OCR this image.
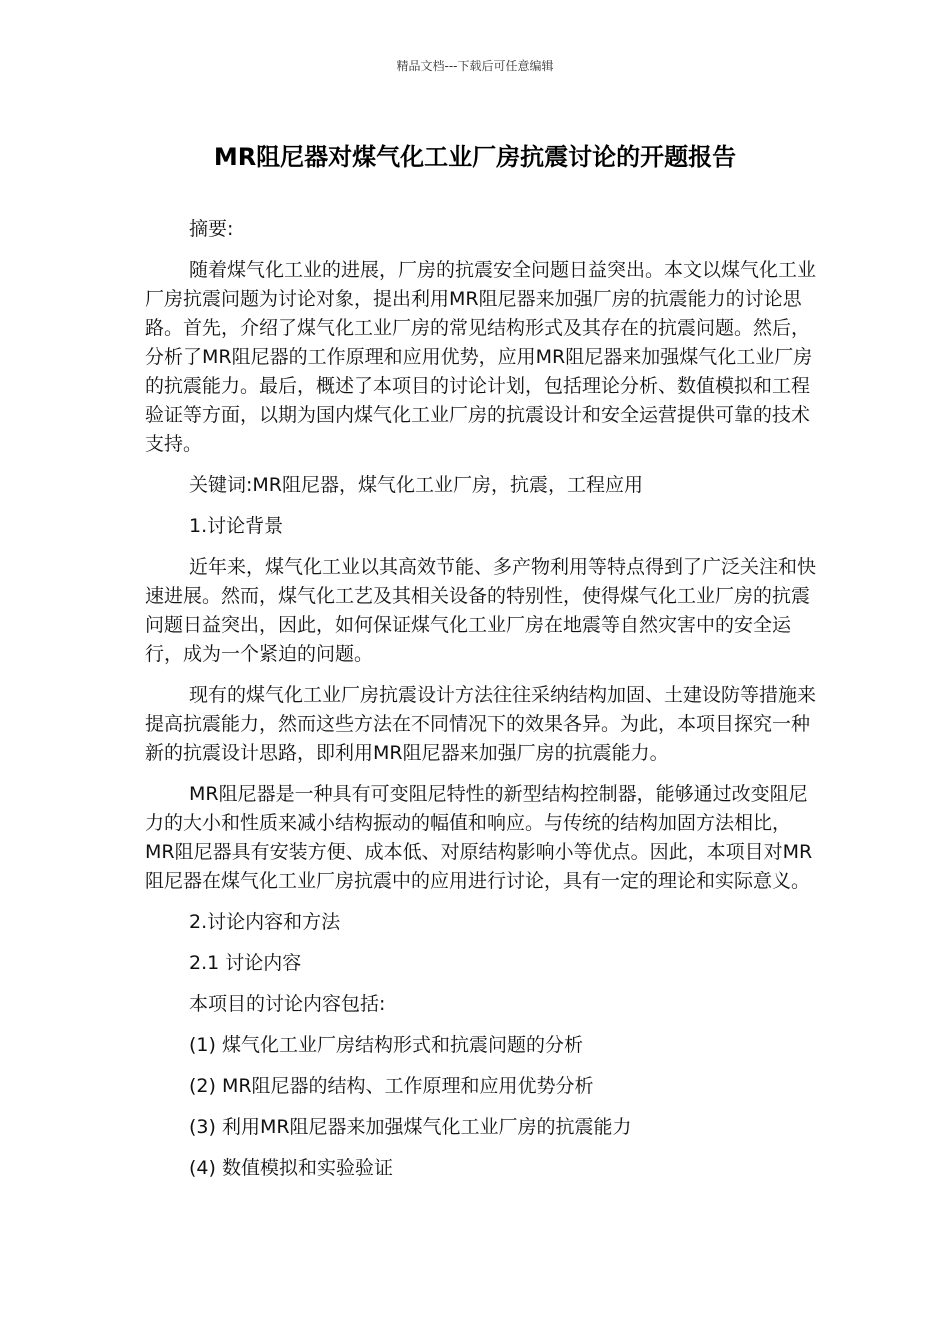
精品文档---下载后可任意编辑
MR阻尼器对煤气化工业厂房抗震讨论的开题报告

摘要:

随着煤气化工业的进展，厂房的抗震安全问题日益突出。本文以煤气化工业厂房抗震问题为讨论对象，提出利用MR阻尼器来加强厂房的抗震能力的讨论思路。首先，介绍了煤气化工业厂房的常见结构形式及其存在的抗震问题。然后，分析了MR阻尼器的工作原理和应用优势，应用MR阻尼器来加强煤气化工业厂房的抗震能力。最后，概述了本项目的讨论计划，包括理论分析、数值模拟和工程验证等方面，以期为国内煤气化工业厂房的抗震设计和安全运营提供可靠的技术支持。

关键词:MR阻尼器，煤气化工业厂房，抗震，工程应用

1.讨论背景

近年来，煤气化工业以其高效节能、多产物利用等特点得到了广泛关注和快速进展。然而，煤气化工艺及其相关设备的特别性，使得煤气化工业厂房的抗震问题日益突出，因此，如何保证煤气化工业厂房在地震等自然灾害中的安全运行，成为一个紧迫的问题。

现有的煤气化工业厂房抗震设计方法往往采纳结构加固、土建设防等措施来提高抗震能力，然而这些方法在不同情况下的效果各异。为此，本项目探究一种新的抗震设计思路，即利用MR阻尼器来加强厂房的抗震能力。

MR阻尼器是一种具有可变阻尼特性的新型结构控制器，能够通过改变阻尼力的大小和性质来减小结构振动的幅值和响应。与传统的结构加固方法相比，MR阻尼器具有安装方便、成本低、对原结构影响小等优点。因此，本项目对MR阻尼器在煤气化工业厂房抗震中的应用进行讨论，具有一定的理论和实际意义。

2.讨论内容和方法

2.1 讨论内容

本项目的讨论内容包括:

(1) 煤气化工业厂房结构形式和抗震问题的分析

(2) MR阻尼器的结构、工作原理和应用优势分析

(3) 利用MR阻尼器来加强煤气化工业厂房的抗震能力

(4) 数值模拟和实验验证
